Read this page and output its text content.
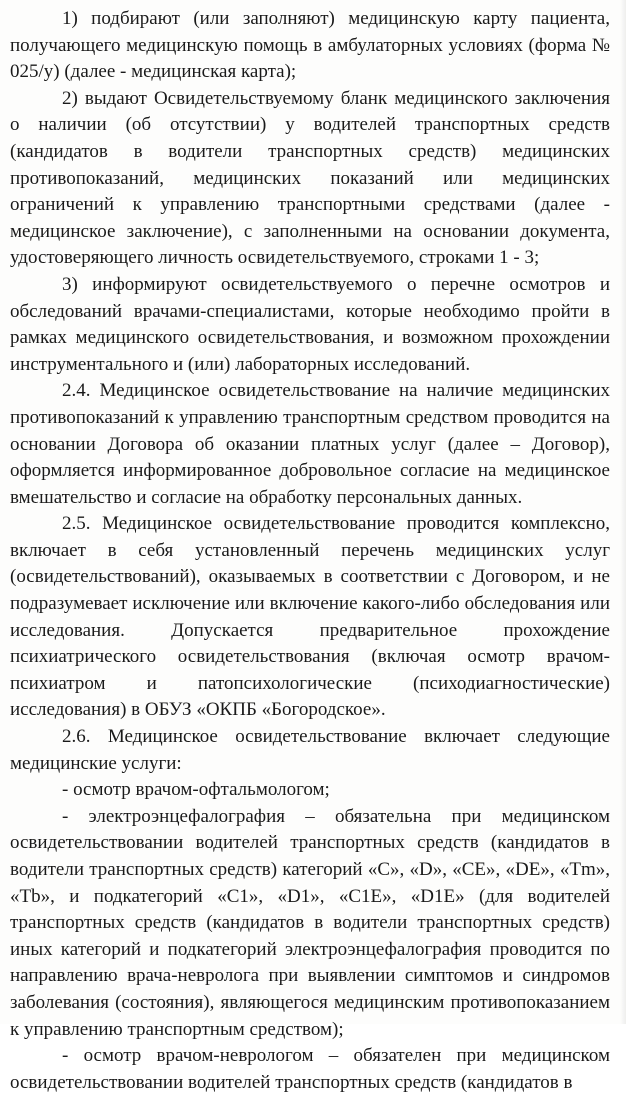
1) подбирают (или заполняют) медицинскую карту пациента, получающего медицинскую помощь в амбулаторных условиях (форма № 025/у) (далее - медицинская карта);

2) выдают Освидетельствуемому бланк медицинского заключения о наличии (об отсутствии) у водителей транспортных средств (кандидатов в водители транспортных средств) медицинских противопоказаний, медицинских показаний или медицинских ограничений к управлению транспортными средствами (далее - медицинское заключение), с заполненными на основании документа, удостоверяющего личность освидетельствуемого, строками 1 - 3;

3) информируют освидетельствуемого о перечне осмотров и обследований врачами-специалистами, которые необходимо пройти в рамках медицинского освидетельствования, и возможном прохождении инструментального и (или) лабораторных исследований.

2.4. Медицинское освидетельствование на наличие медицинских противопоказаний к управлению транспортным средством проводится на основании Договора об оказании платных услуг (далее – Договор), оформляется информированное добровольное согласие на медицинское вмешательство и согласие на обработку персональных данных.

2.5. Медицинское освидетельствование проводится комплексно, включает в себя установленный перечень медицинских услуг (освидетельствований), оказываемых в соответствии с Договором, и не подразумевает исключение или включение какого-либо обследования или исследования. Допускается предварительное прохождение психиатрического освидетельствования (включая осмотр врачом-психиатром и патопсихологические (психодиагностические) исследования) в ОБУЗ «ОКПБ «Богородское».

2.6. Медицинское освидетельствование включает следующие медицинские услуги:

- осмотр врачом-офтальмологом;

- электроэнцефалография – обязательна при медицинском освидетельствовании водителей транспортных средств (кандидатов в водители транспортных средств) категорий «C», «D», «CE», «DE», «Tm», «Tb», и подкатегорий «C1», «D1», «C1E», «D1E» (для водителей транспортных средств (кандидатов в водители транспортных средств) иных категорий и подкатегорий электроэнцефалография проводится по направлению врача-невролога при выявлении симптомов и синдромов заболевания (состояния), являющегося медицинским противопоказанием к управлению транспортным средством);

- осмотр врачом-неврологом – обязателен при медицинском освидетельствовании водителей транспортных средств (кандидатов в
